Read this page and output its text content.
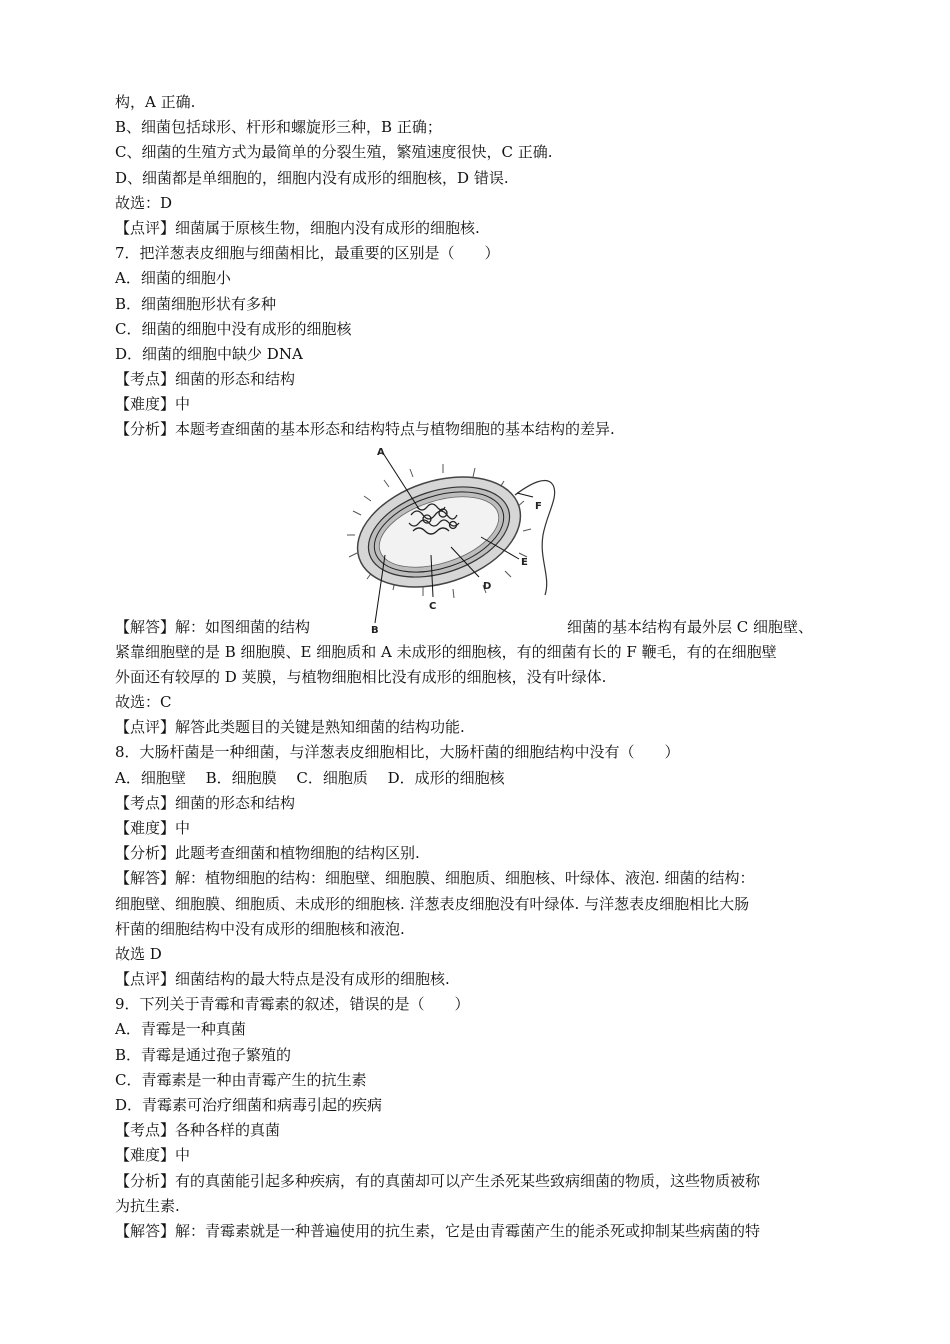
构，A 正确.
B、细菌包括球形、杆形和螺旋形三种，B 正确；
C、细菌的生殖方式为最简单的分裂生殖，繁殖速度很快，C 正确.
D、细菌都是单细胞的，细胞内没有成形的细胞核，D 错误.
故选：D
【点评】细菌属于原核生物，细胞内没有成形的细胞核.
7．把洋葱表皮细胞与细菌相比，最重要的区别是（　　）
A．细菌的细胞小
B．细菌细胞形状有多种
C．细菌的细胞中没有成形的细胞核
D．细菌的细胞中缺少 DNA
【考点】细菌的形态和结构
【难度】中
【分析】本题考查细菌的基本形态和结构特点与植物细胞的基本结构的差异.
【解答】解：如图细菌的结构
A
B
C
D
E
F
细菌的基本结构有最外层 C 细胞壁、
紧靠细胞壁的是 B 细胞膜、E 细胞质和 A 未成形的细胞核，有的细菌有长的 F 鞭毛，有的在细胞壁
外面还有较厚的 D 荚膜，与植物细胞相比没有成形的细胞核，没有叶绿体.
故选：C
【点评】解答此类题目的关键是熟知细菌的结构功能.
8．大肠杆菌是一种细菌，与洋葱表皮细胞相比，大肠杆菌的细胞结构中没有（　　）
A．细胞壁　 B．细胞膜　 C．细胞质　 D．成形的细胞核
【考点】细菌的形态和结构
【难度】中
【分析】此题考查细菌和植物细胞的结构区别.
【解答】解：植物细胞的结构：细胞壁、细胞膜、细胞质、细胞核、叶绿体、液泡. 细菌的结构：
细胞壁、细胞膜、细胞质、未成形的细胞核. 洋葱表皮细胞没有叶绿体. 与洋葱表皮细胞相比大肠
杆菌的细胞结构中没有成形的细胞核和液泡.
故选 D
【点评】细菌结构的最大特点是没有成形的细胞核.
9．下列关于青霉和青霉素的叙述，错误的是（　　）
A．青霉是一种真菌
B．青霉是通过孢子繁殖的
C．青霉素是一种由青霉产生的抗生素
D．青霉素可治疗细菌和病毒引起的疾病
【考点】各种各样的真菌
【难度】中
【分析】有的真菌能引起多种疾病，有的真菌却可以产生杀死某些致病细菌的物质，这些物质被称
为抗生素.
【解答】解：青霉素就是一种普遍使用的抗生素，它是由青霉菌产生的能杀死或抑制某些病菌的特
